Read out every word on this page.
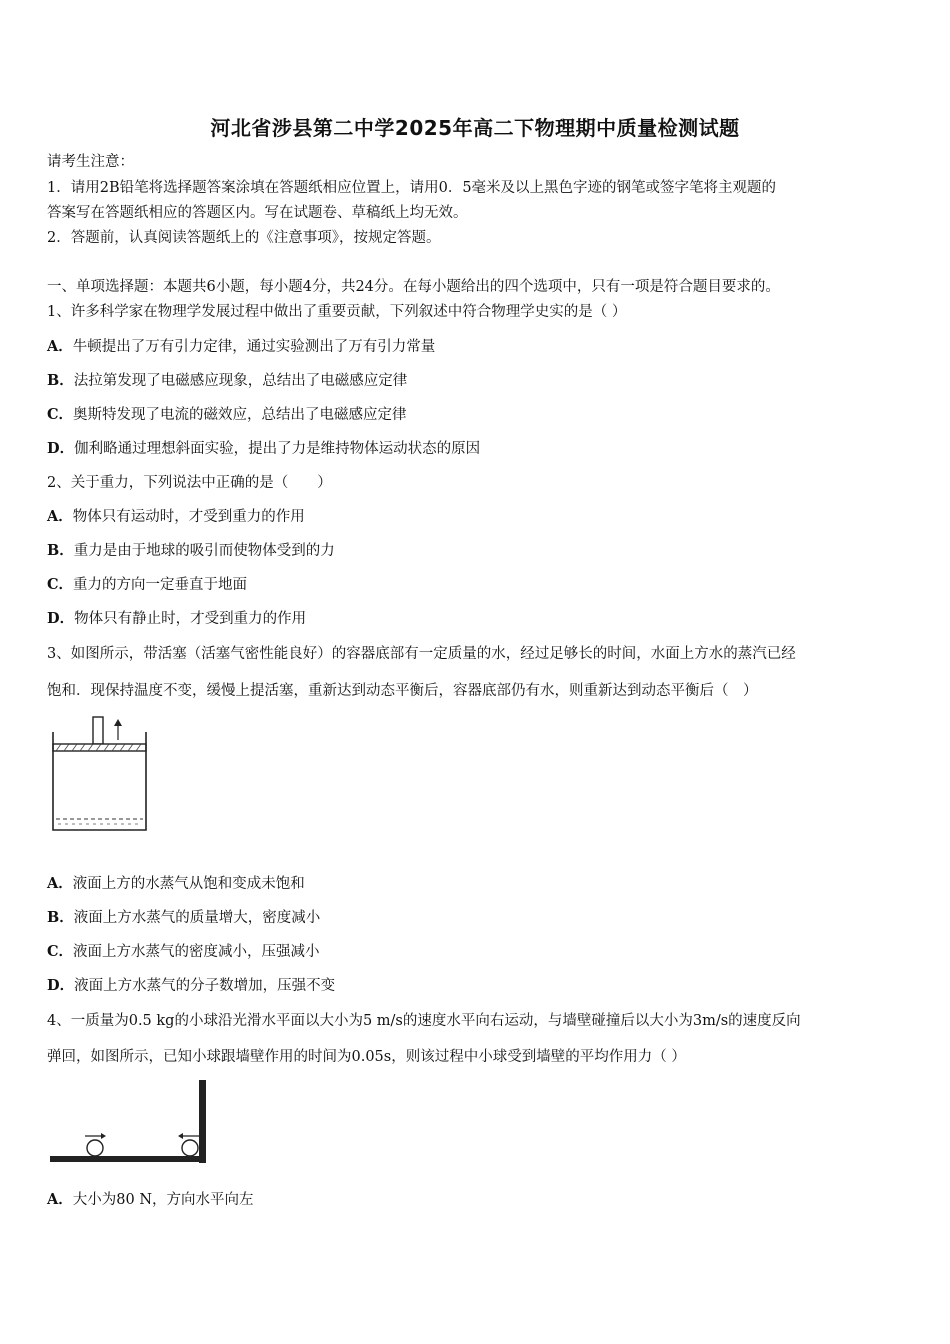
河北省涉县第二中学2025年高二下物理期中质量检测试题
请考生注意：
1．请用2B铅笔将选择题答案涂填在答题纸相应位置上，请用0．5毫米及以上黑色字迹的钢笔或签字笔将主观题的
答案写在答题纸相应的答题区内。写在试题卷、草稿纸上均无效。
2．答题前，认真阅读答题纸上的《注意事项》，按规定答题。
一、单项选择题：本题共6小题，每小题4分，共24分。在每小题给出的四个选项中，只有一项是符合题目要求的。
1、许多科学家在物理学发展过程中做出了重要贡献，下列叙述中符合物理学史实的是（ ）
A．牛顿提出了万有引力定律，通过实验测出了万有引力常量
B．法拉第发现了电磁感应现象，总结出了电磁感应定律
C．奥斯特发现了电流的磁效应，总结出了电磁感应定律
D．伽利略通过理想斜面实验，提出了力是维持物体运动状态的原因
2、关于重力，下列说法中正确的是（　　）
A．物体只有运动时，才受到重力的作用
B．重力是由于地球的吸引而使物体受到的力
C．重力的方向一定垂直于地面
D．物体只有静止时，才受到重力的作用
3、如图所示，带活塞（活塞气密性能良好）的容器底部有一定质量的水，经过足够长的时间，水面上方水的蒸汽已经
饱和．现保持温度不变，缓慢上提活塞，重新达到动态平衡后，容器底部仍有水，则重新达到动态平衡后（　）
A．液面上方的水蒸气从饱和变成未饱和
B．液面上方水蒸气的质量增大，密度减小
C．液面上方水蒸气的密度减小，压强减小
D．液面上方水蒸气的分子数增加，压强不变
4、一质量为0.5 kg的小球沿光滑水平面以大小为5 m/s的速度水平向右运动，与墙壁碰撞后以大小为3m/s的速度反向
弹回，如图所示，已知小球跟墙壁作用的时间为0.05s，则该过程中小球受到墙壁的平均作用力（ ）
A．大小为80 N，方向水平向左
